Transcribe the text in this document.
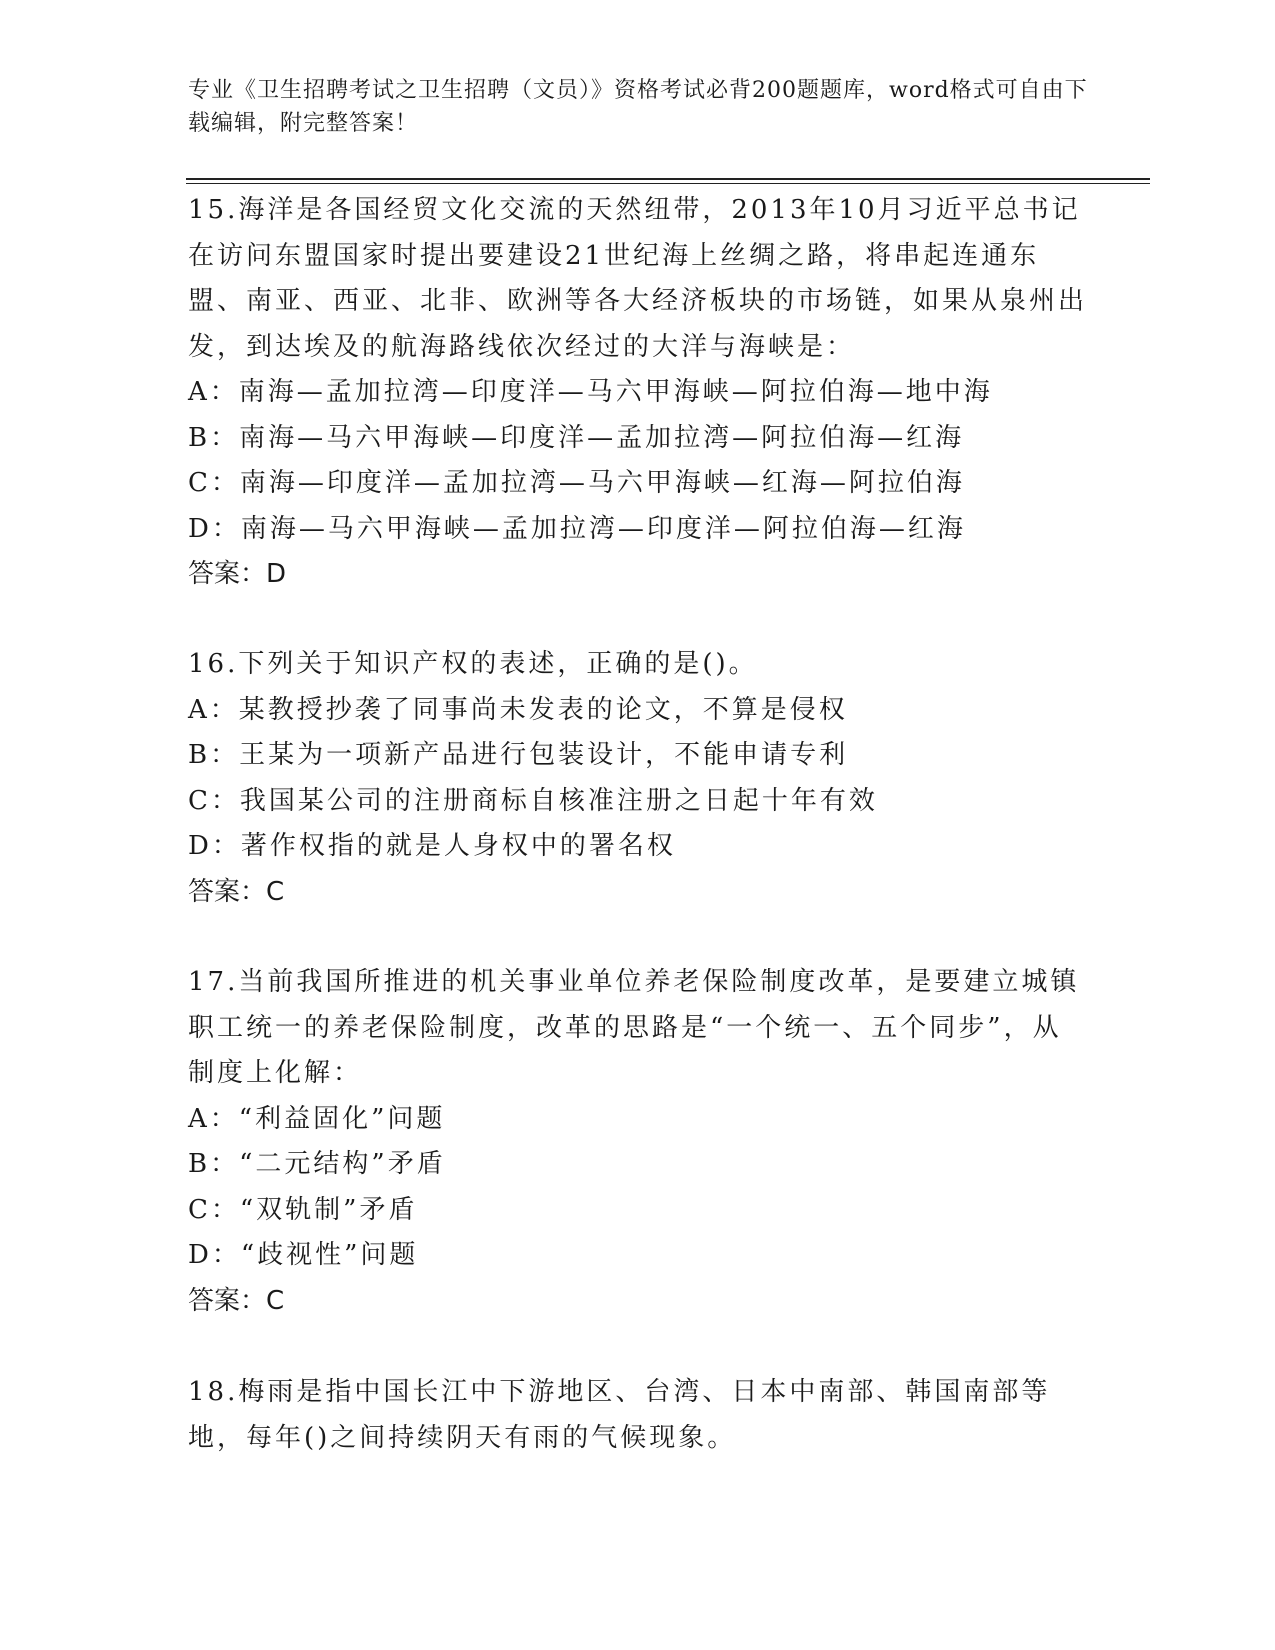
专业《卫生招聘考试之卫生招聘（文员）》资格考试必背200题题库，word格式可自由下载编辑，附完整答案！
15.海洋是各国经贸文化交流的天然纽带，2013年10月习近平总书记在访问东盟国家时提出要建设21世纪海上丝绸之路，将串起连通东盟、南亚、西亚、北非、欧洲等各大经济板块的市场链，如果从泉州出发，到达埃及的航海路线依次经过的大洋与海峡是：
A：南海—孟加拉湾—印度洋—马六甲海峡—阿拉伯海—地中海
B：南海—马六甲海峡—印度洋—孟加拉湾—阿拉伯海—红海
C：南海—印度洋—孟加拉湾—马六甲海峡—红海—阿拉伯海
D：南海—马六甲海峡—孟加拉湾—印度洋—阿拉伯海—红海
答案：D
16.下列关于知识产权的表述，正确的是()。
A：某教授抄袭了同事尚未发表的论文，不算是侵权
B：王某为一项新产品进行包装设计，不能申请专利
C：我国某公司的注册商标自核准注册之日起十年有效
D：著作权指的就是人身权中的署名权
答案：C
17.当前我国所推进的机关事业单位养老保险制度改革，是要建立城镇职工统一的养老保险制度，改革的思路是“一个统一、五个同步”，从制度上化解：
A：“利益固化”问题
B：“二元结构”矛盾
C：“双轨制”矛盾
D：“歧视性”问题
答案：C
18.梅雨是指中国长江中下游地区、台湾、日本中南部、韩国南部等地，每年()之间持续阴天有雨的气候现象。
